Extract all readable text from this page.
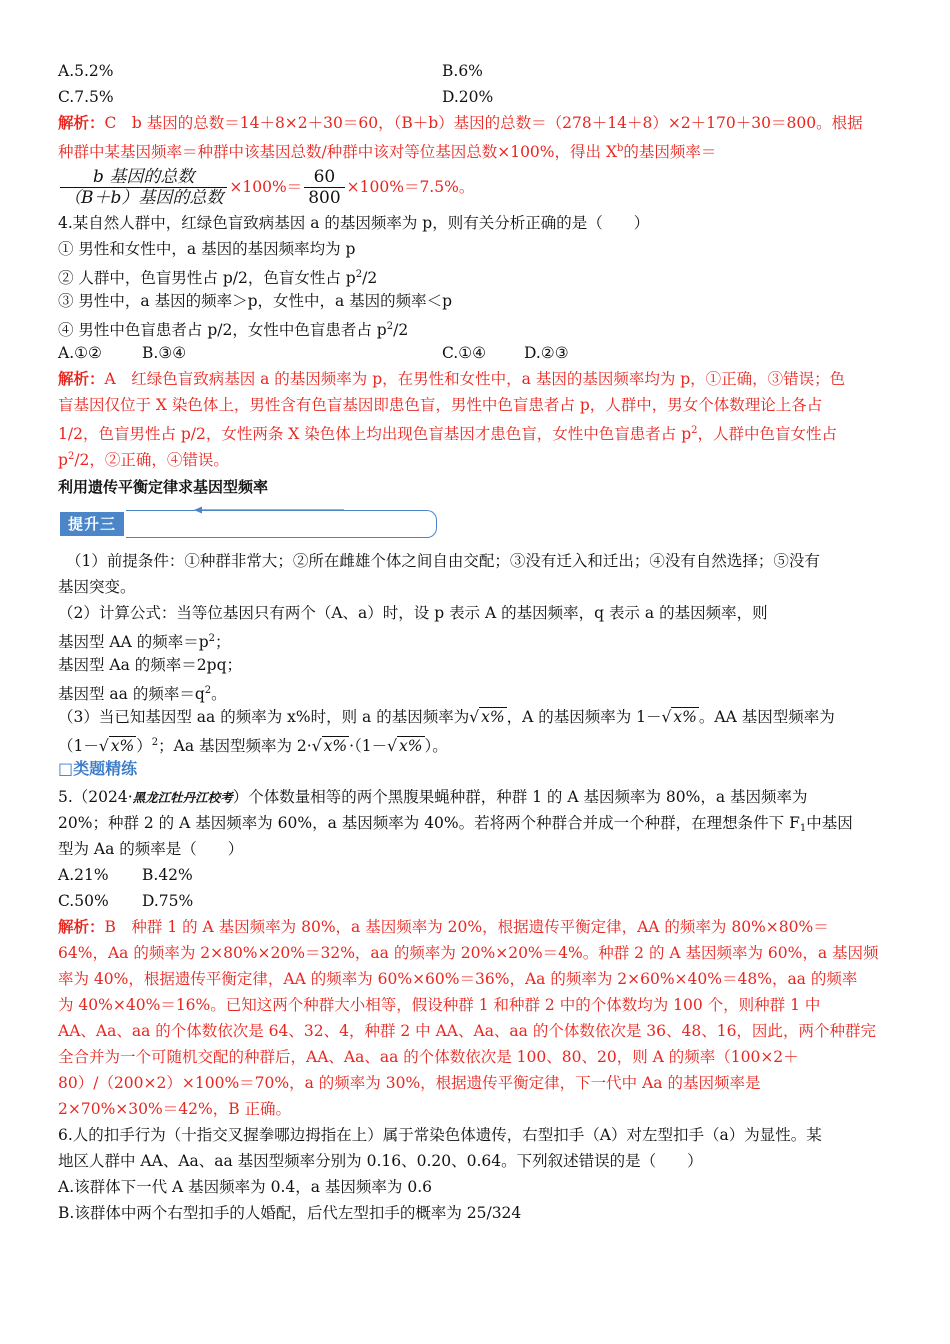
A.5.2%	B.6%
C.7.5%	D.20%
解析：C　b 基因的总数＝14＋8×2＋30＝60，（B＋b）基因的总数＝（278＋14＋8）×2＋170＋30＝800。根据
种群中某基因频率＝种群中该基因总数/种群中该对等位基因总数×100%，得出 $X^b$的基因频率＝
$\frac{\text{b 基因的总数}}{\text{（B＋b）基因的总数}} \times 100\%= \frac{60}{800} \times 100\%=7.5\%$。
4.某自然人群中，红绿色盲致病基因 a 的基因频率为 p，则有关分析正确的是（　　）
① 男性和女性中，a 基因的基因频率均为 p
② 人群中，色盲男性占 p/2，色盲女性占 $p^2/2$
③ 男性中，a 基因的频率＞p，女性中，a 基因的频率＜p
④ 男性中色盲患者占 p/2，女性中色盲患者占 $p^2/2$
A.①②	B.③④	C.①④ D.②③
解析：A　红绿色盲致病基因 a 的基因频率为 p，在男性和女性中，a 基因的基因频率均为 p，①正确，③错误；色
盲基因仅位于 X 染色体上，男性含有色盲基因即患色盲，男性中色盲患者占 p，人群中，男女个体数理论上各占
1/2，色盲男性占 p/2，女性两条 X 染色体上均出现色盲基因才患色盲，女性中色盲患者占 $p^2$，人群中色盲女性占
$p^2/2$，②正确，④错误。
利用遗传平衡定律求基因型频率
提升三
（1）前提条件：①种群非常大；②所在雌雄个体之间自由交配；③没有迁入和迁出；④没有自然选择；⑤没有
基因突变。
（2）计算公式：当等位基因只有两个（A、a）时，设 p 表示 A 的基因频率，q 表示 a 的基因频率，则
基因型 AA 的频率$=p^2$；
基因型 Aa 的频率＝2pq；
基因型 aa 的频率$=q^2$。
（3）当已知基因型 aa 的频率为 x%时，则 a 的基因频率为√ x% ，A 的基因频率为 1－√ x% 。AA 基因型频率为
（1－√ x% ）$^2$；Aa 基因型频率为 2·√ x% ·（1－√ x% ）。
□类题精练
5.（2024·黑龙江牡丹江校考）个体数量相等的两个黑腹果蝇种群，种群 1 的 A 基因频率为 80%，a 基因频率为
20%；种群 2 的 A 基因频率为 60%，a 基因频率为 40%。若将两个种群合并成一个种群，在理想条件下 $F_1$中基因
型为 Aa 的频率是（　　）
A.21% B.42%
C.50% D.75%
解析：B　种群 1 的 A 基因频率为 80%，a 基因频率为 20%，根据遗传平衡定律，AA 的频率为 80%×80%＝
64%，Aa 的频率为 2×80%×20%＝32%，aa 的频率为 20%×20%＝4%。种群 2 的 A 基因频率为 60%，a 基因频
率为 40%，根据遗传平衡定律，AA 的频率为 60%×60%＝36%，Aa 的频率为 2×60%×40%＝48%，aa 的频率
为 40%×40%＝16%。已知这两个种群大小相等，假设种群 1 和种群 2 中的个体数均为 100 个，则种群 1 中
AA、Aa、aa 的个体数依次是 64、32、4，种群 2 中 AA、Aa、aa 的个体数依次是 36、48、16，因此，两个种群完
全合并为一个可随机交配的种群后，AA、Aa、aa 的个体数依次是 100、80、20，则 A 的频率（100×2＋
80）/（200×2）×100%＝70%，a 的频率为 30%，根据遗传平衡定律，下一代中 Aa 的基因频率是
2×70%×30%＝42%，B 正确。
6.人的扣手行为（十指交叉握拳哪边拇指在上）属于常染色体遗传，右型扣手（A）对左型扣手（a）为显性。某
地区人群中 AA、Aa、aa 基因型频率分别为 0.16、0.20、0.64。下列叙述错误的是（　　）
A.该群体下一代 A 基因频率为 0.4，a 基因频率为 0.6
B.该群体中两个右型扣手的人婚配，后代左型扣手的概率为 25/324
